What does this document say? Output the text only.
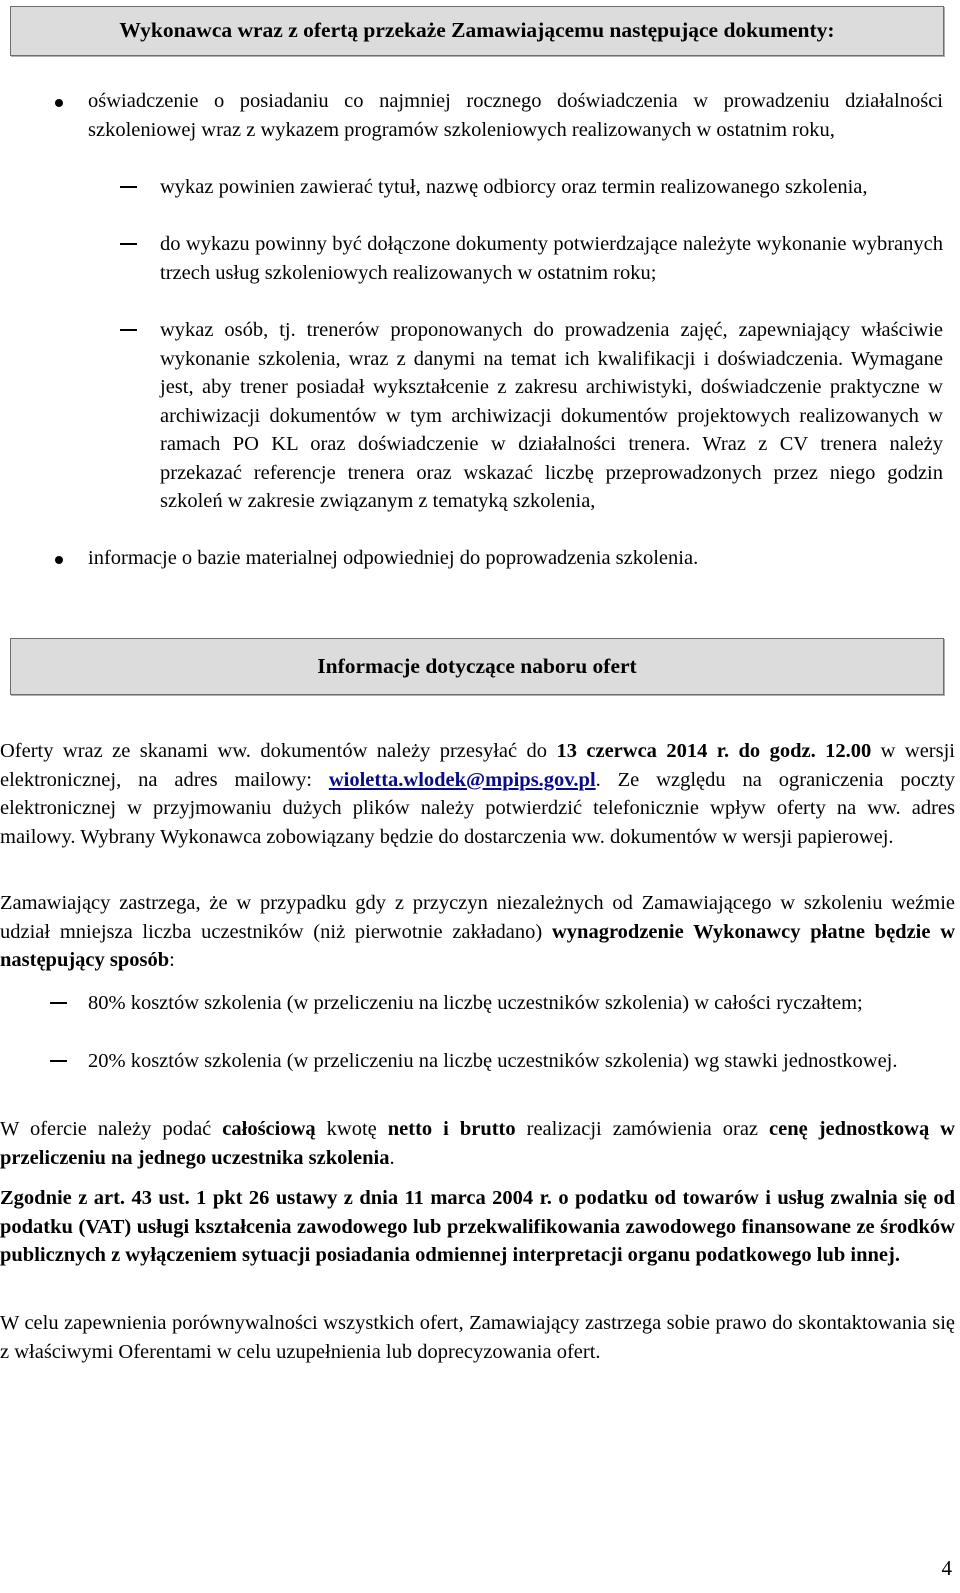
Wykonawca wraz z ofertą przekaże Zamawiającemu następujące dokumenty:

oświadczenie o posiadaniu co najmniej rocznego doświadczenia w prowadzeniu działalności szkoleniowej wraz z wykazem programów szkoleniowych realizowanych w ostatnim roku,

wykaz powinien zawierać tytuł, nazwę odbiorcy oraz termin realizowanego szkolenia,

do wykazu powinny być dołączone dokumenty potwierdzające należyte wykonanie wybranych trzech usług szkoleniowych realizowanych w ostatnim roku;

wykaz osób, tj. trenerów proponowanych do prowadzenia zajęć, zapewniający właściwie wykonanie szkolenia, wraz z danymi na temat ich kwalifikacji i doświadczenia. Wymagane jest, aby trener posiadał wykształcenie z zakresu archiwistyki, doświadczenie praktyczne w archiwizacji dokumentów w tym archiwizacji dokumentów projektowych realizowanych w ramach PO KL oraz doświadczenie w działalności trenera. Wraz z CV trenera należy przekazać referencje trenera oraz wskazać liczbę przeprowadzonych przez niego godzin szkoleń w zakresie związanym z tematyką szkolenia,

informacje o bazie materialnej odpowiedniej do poprowadzenia szkolenia.

Informacje dotyczące naboru ofert

Oferty wraz ze skanami ww. dokumentów należy przesyłać do 13 czerwca 2014 r. do godz. 12.00 w wersji elektronicznej, na adres mailowy: wioletta.wlodek@mpips.gov.pl. Ze względu na ograniczenia poczty elektronicznej w przyjmowaniu dużych plików należy potwierdzić telefonicznie wpływ oferty na ww. adres mailowy. Wybrany Wykonawca zobowiązany będzie do dostarczenia ww. dokumentów w wersji papierowej.

Zamawiający zastrzega, że w przypadku gdy z przyczyn niezależnych od Zamawiającego w szkoleniu weźmie udział mniejsza liczba uczestników (niż pierwotnie zakładano) wynagrodzenie Wykonawcy płatne będzie w następujący sposób:

80% kosztów szkolenia (w przeliczeniu na liczbę uczestników szkolenia) w całości ryczałtem;

20% kosztów szkolenia (w przeliczeniu na liczbę uczestników szkolenia) wg stawki jednostkowej.

W ofercie należy podać całościową kwotę netto i brutto realizacji zamówienia oraz cenę jednostkową w przeliczeniu na jednego uczestnika szkolenia.

Zgodnie z art. 43 ust. 1 pkt 26 ustawy z dnia 11 marca 2004 r. o podatku od towarów i usług zwalnia się od podatku (VAT) usługi kształcenia zawodowego lub przekwalifikowania zawodowego finansowane ze środków publicznych z wyłączeniem sytuacji posiadania odmiennej interpretacji organu podatkowego lub innej.

W celu zapewnienia porównywalności wszystkich ofert, Zamawiający zastrzega sobie prawo do skontaktowania się z właściwymi Oferentami w celu uzupełnienia lub doprecyzowania ofert.

4
